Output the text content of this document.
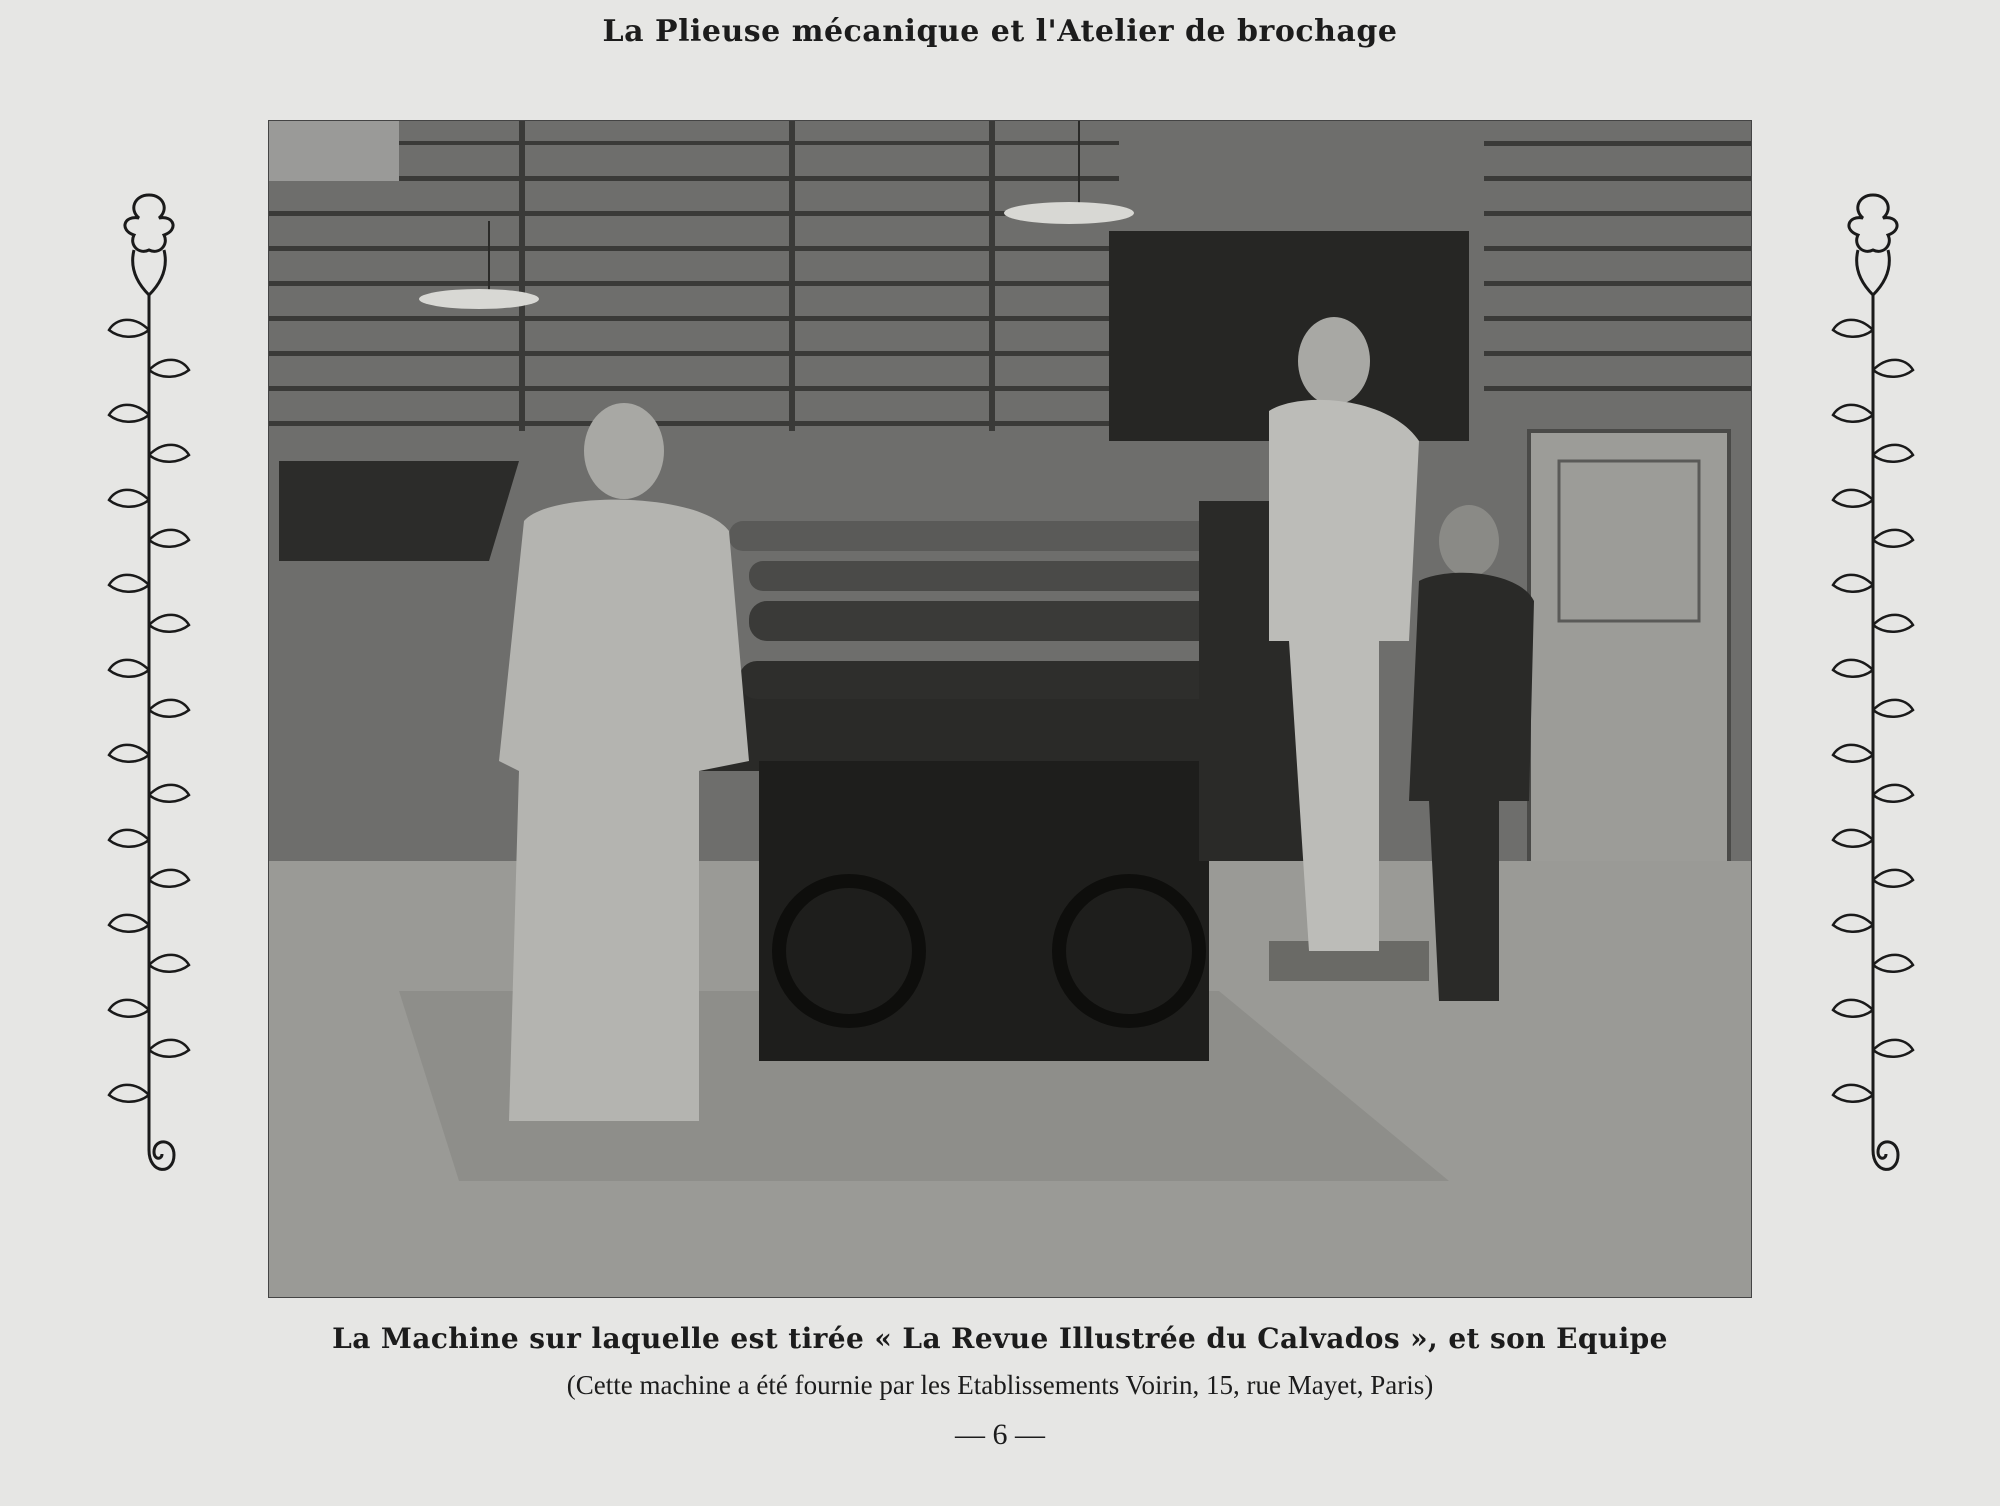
La Plieuse mécanique et l'Atelier de brochage
La Machine sur laquelle est tirée « La Revue Illustrée du Calvados », et son Equipe
(Cette machine a été fournie par les Etablissements Voirin, 15, rue Mayet, Paris)
— 6 —
